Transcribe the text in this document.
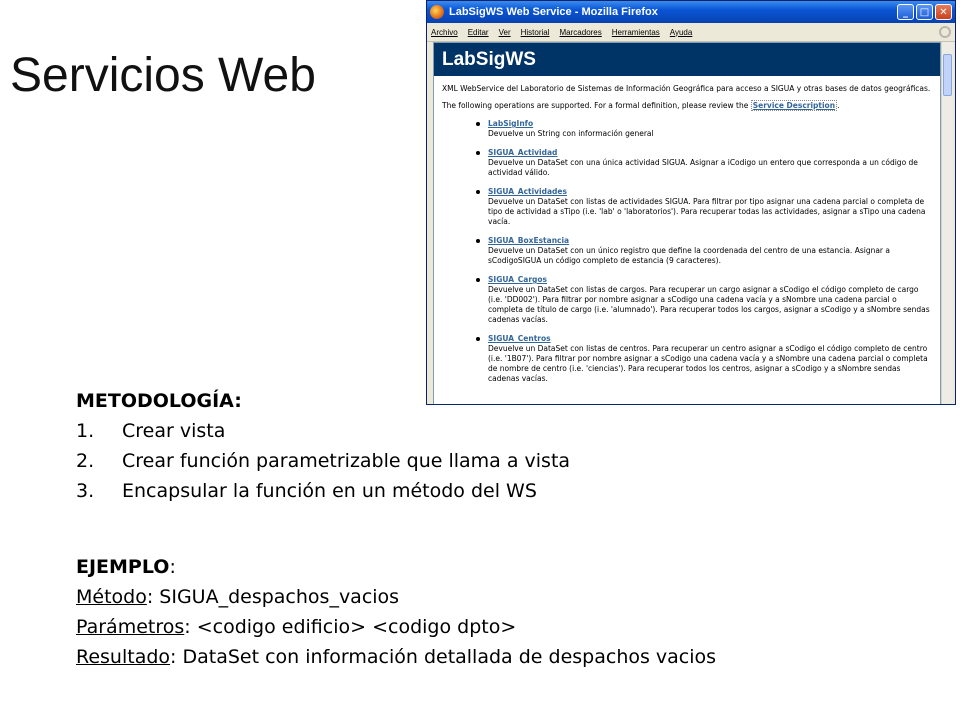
Servicios Web
LabSigWS Web Service - Mozilla Firefox	_	□	✕
Archivo Editar Ver Historial Marcadores Herramientas Ayuda
LabSigWS

XML WebService del Laboratorio de Sistemas de Información Geográfica para acceso a SIGUA y otras bases de datos geográficas.

The following operations are supported. For a formal definition, please review the Service Description .

LabSigInfo
Devuelve un String con información general
SIGUA_Actividad
Devuelve un DataSet con una única actividad SIGUA. Asignar a iCodigo un entero que corresponda a un código de actividad válido.
SIGUA_Actividades
Devuelve un DataSet con listas de actividades SIGUA. Para filtrar por tipo asignar una cadena parcial o completa de tipo de actividad a sTipo (i.e. 'lab' o 'laboratorios'). Para recuperar todas las actividades, asignar a sTipo una cadena vacía.
SIGUA_BoxEstancia
Devuelve un DataSet con un único registro que define la coordenada del centro de una estancia. Asignar a sCodigoSIGUA un código completo de estancia (9 caracteres).
SIGUA_Cargos
Devuelve un DataSet con listas de cargos. Para recuperar un cargo asignar a sCodigo el código completo de cargo (i.e. 'DD002'). Para filtrar por nombre asignar a sCodigo una cadena vacía y a sNombre una cadena parcial o completa de título de cargo (i.e. 'alumnado'). Para recuperar todos los cargos, asignar a sCodigo y a sNombre sendas cadenas vacías.
SIGUA_Centros
Devuelve un DataSet con listas de centros. Para recuperar un centro asignar a sCodigo el código completo de centro (i.e. '1B07'). Para filtrar por nombre asignar a sCodigo una cadena vacía y a sNombre una cadena parcial o completa de nombre de centro (i.e. 'ciencias'). Para recuperar todos los centros, asignar a sCodigo y a sNombre sendas cadenas vacías.
METODOLOGÍA:
1.	Crear vista
2.	Crear función parametrizable que llama a vista
3.	Encapsular la función en un método del WS
EJEMPLO:
Método: SIGUA_despachos_vacios
Parámetros: <codigo edificio> <codigo dpto>
Resultado: DataSet con información detallada de despachos vacios
